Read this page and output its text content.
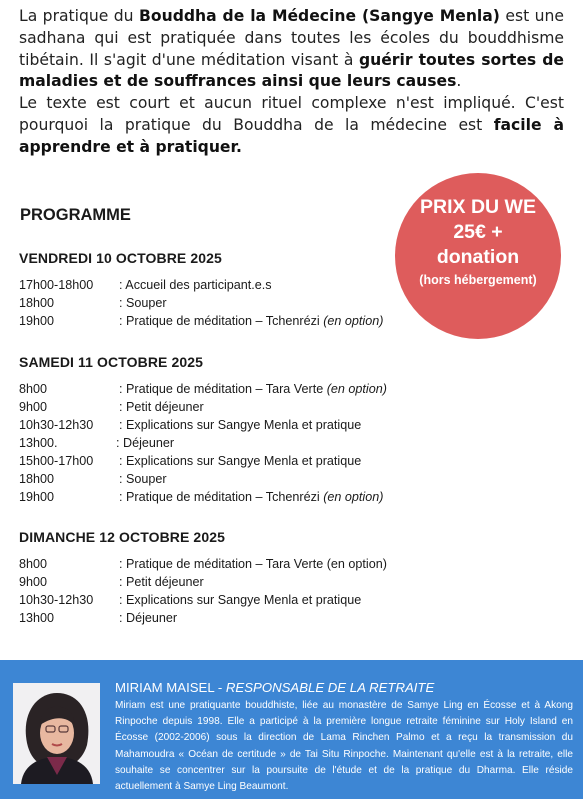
La pratique du Bouddha de la Médecine (Sangye Menla) est une sadhana qui est pratiquée dans toutes les écoles du bouddhisme tibétain. Il s'agit d'une méditation visant à guérir toutes sortes de maladies et de souffrances ainsi que leurs causes.

Le texte est court et aucun rituel complexe n'est impliqué. C'est pourquoi la pratique du Bouddha de la médecine est facile à apprendre et à pratiquer.

PRIX DU WE
25€ +
donation
(hors hébergement)
PROGRAMME
VENDREDI 10 OCTOBRE 2025
17h00-18h00 : Accueil des participant.e.s
18h00	: Souper
19h00	: Pratique de méditation – Tchenrézi (en option)
SAMEDI 11 OCTOBRE 2025
8h00	: Pratique de méditation – Tara Verte (en option)
9h00	: Petit déjeuner
10h30-12h30 : Explications sur Sangye Menla et pratique
13h00.	: Déjeuner
15h00-17h00 : Explications sur Sangye Menla et pratique
18h00	: Souper
19h00	: Pratique de méditation – Tchenrézi (en option)
DIMANCHE 12 OCTOBRE 2025
8h00	: Pratique de méditation – Tara Verte (en option)
9h00	: Petit déjeuner
10h30-12h30 : Explications sur Sangye Menla et pratique
13h00	: Déjeuner
MIRIAM MAISEL - RESPONSABLE DE LA RETRAITE
Miriam est une pratiquante bouddhiste, liée au monastère de Samye Ling en Écosse et à Akong Rinpoche depuis 1998. Elle a participé à la première longue retraite féminine sur Holy Island en Écosse (2002-2006) sous la direction de Lama Rinchen Palmo et a reçu la transmission du Mahamoudra « Océan de certitude » de Tai Situ Rinpoche. Maintenant qu'elle est à la retraite, elle souhaite se concentrer sur la poursuite de l'étude et de la pratique du Dharma. Elle réside actuellement à Samye Ling Beaumont.
